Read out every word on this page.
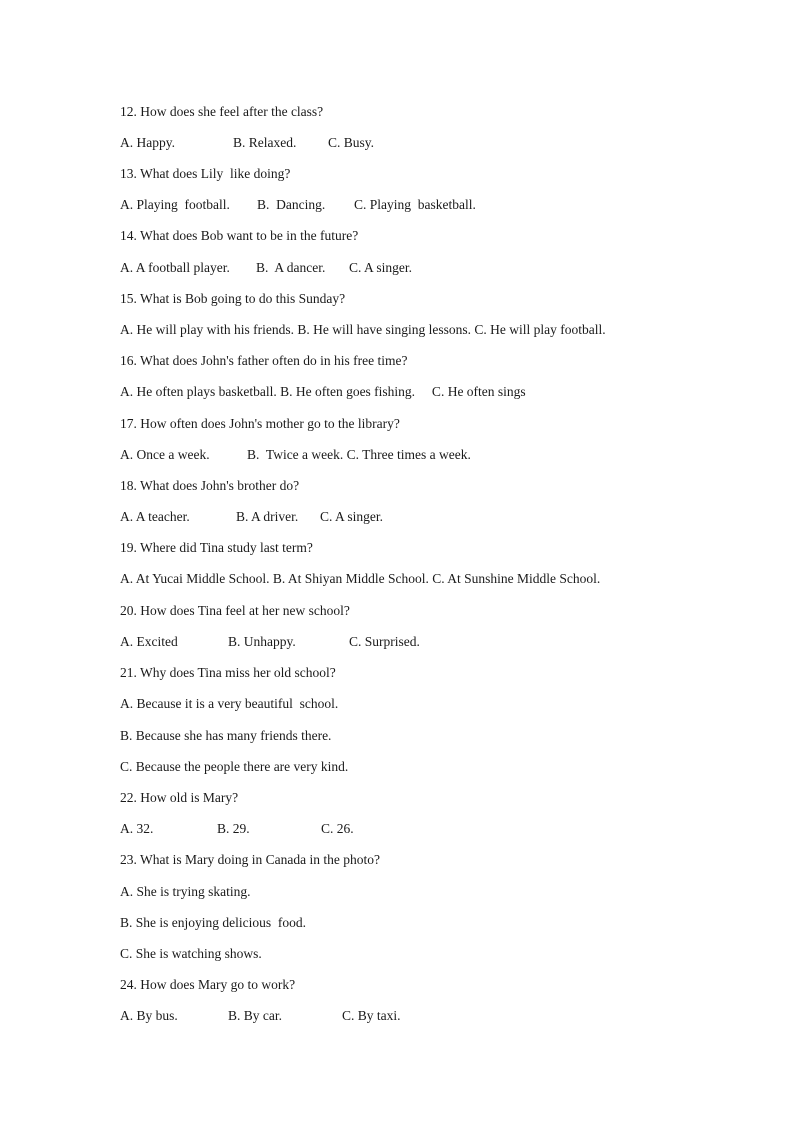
12. How does she feel after the class?
A. Happy.	B. Relaxed. C. Busy.
13. What does Lily  like doing?
A. Playing  football. B.  Dancing. C. Playing  basketball.
14. What does Bob want to be in the future?
A. A football player. B.  A dancer. C. A singer.
15. What is Bob going to do this Sunday?
A. He will play with his friends. B. He will have singing lessons. C. He will play football.
16. What does John's father often do in his free time?
A. He often plays basketball. B. He often goes fishing.     C. He often sings
17. How often does John's mother go to the library?
A. Once a week.	B.  Twice a week. C. Three times a week.
18. What does John's brother do?
A. A teacher.	B. A driver. C. A singer.
19. Where did Tina study last term?
A. At Yucai Middle School. B. At Shiyan Middle School. C. At Sunshine Middle School.
20. How does Tina feel at her new school?
A. Excited	B. Unhappy.	C. Surprised.
21. Why does Tina miss her old school?
A. Because it is a very beautiful  school.
B. Because she has many friends there.
C. Because the people there are very kind.
22. How old is Mary?
A. 32.	B. 29.	C. 26.
23. What is Mary doing in Canada in the photo?
A. She is trying skating.
B. She is enjoying delicious  food.
C. She is watching shows.
24. How does Mary go to work?
A. By bus.	B. By car.	C. By taxi.
